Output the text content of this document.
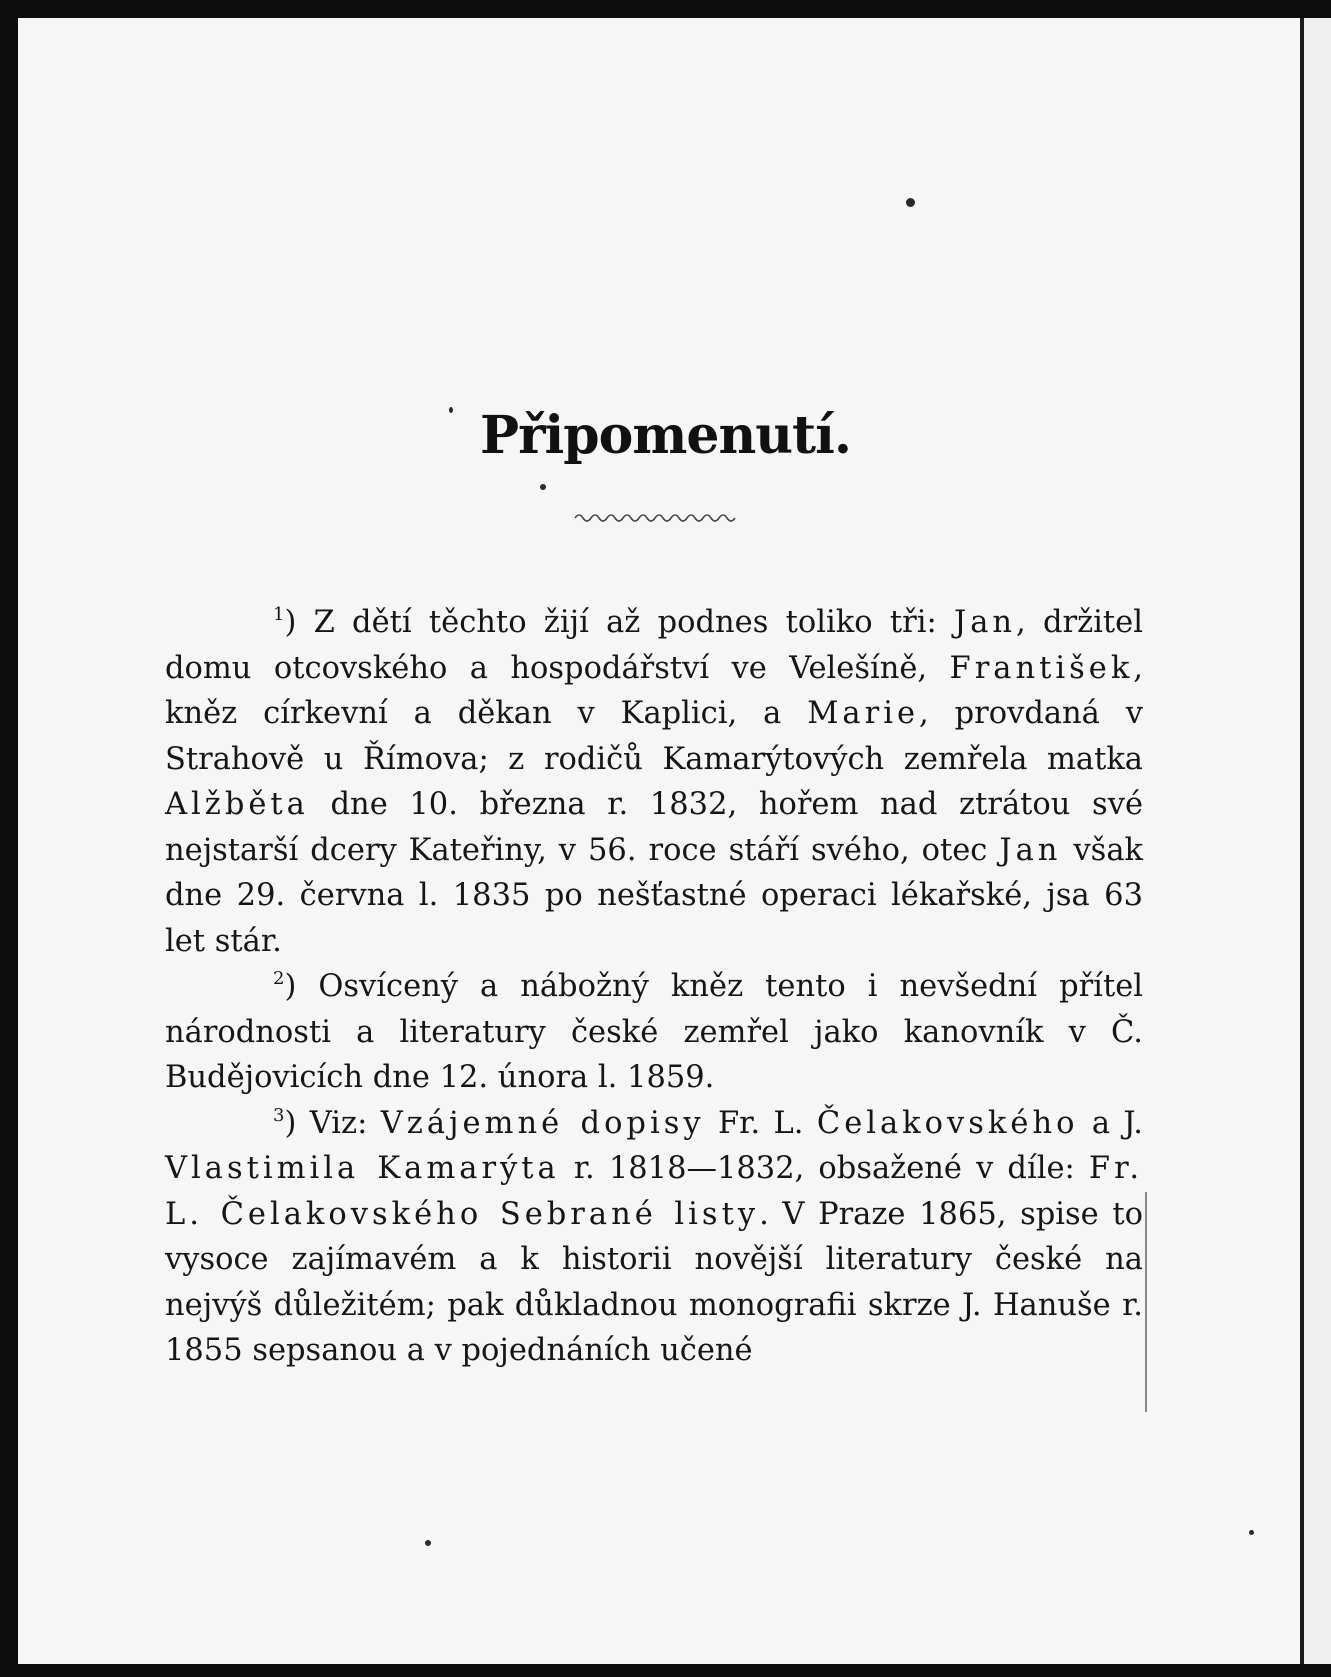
Připomenutí.

$^1$) Z dětí těchto žijí až podnes toliko tři: Jan, držitel domu otcovského a hospodářství ve Velešíně, František, kněz církevní a děkan v Kaplici, a Marie, provdaná v Strahově u Římova; z rodičů Kamarýtových zemřela matka Alžběta dne 10. března r. 1832, hořem nad ztrátou své nejstarší dcery Kateřiny, v 56. roce stáří svého, otec Jan však dne 29. června l. 1835 po nešťastné operaci lékařské, jsa 63 let stár.

$^2$) Osvícený a nábožný kněz tento i nevšední přítel národnosti a literatury české zemřel jako kanovník v Č. Budějovicích dne 12. února l. 1859.

$^3$) Viz: Vzájemné dopisy Fr. L. Čelakovského a J. Vlastimila Kamarýta r. 1818—1832, obsažené v díle: Fr. L. Čelakovského Sebrané listy. V Praze 1865, spise to vysoce zajímavém a k historii novější literatury české na nejvýš důležitém; pak důkladnou monografii skrze J. Hanuše r. 1855 sepsanou a v pojednáních učené
